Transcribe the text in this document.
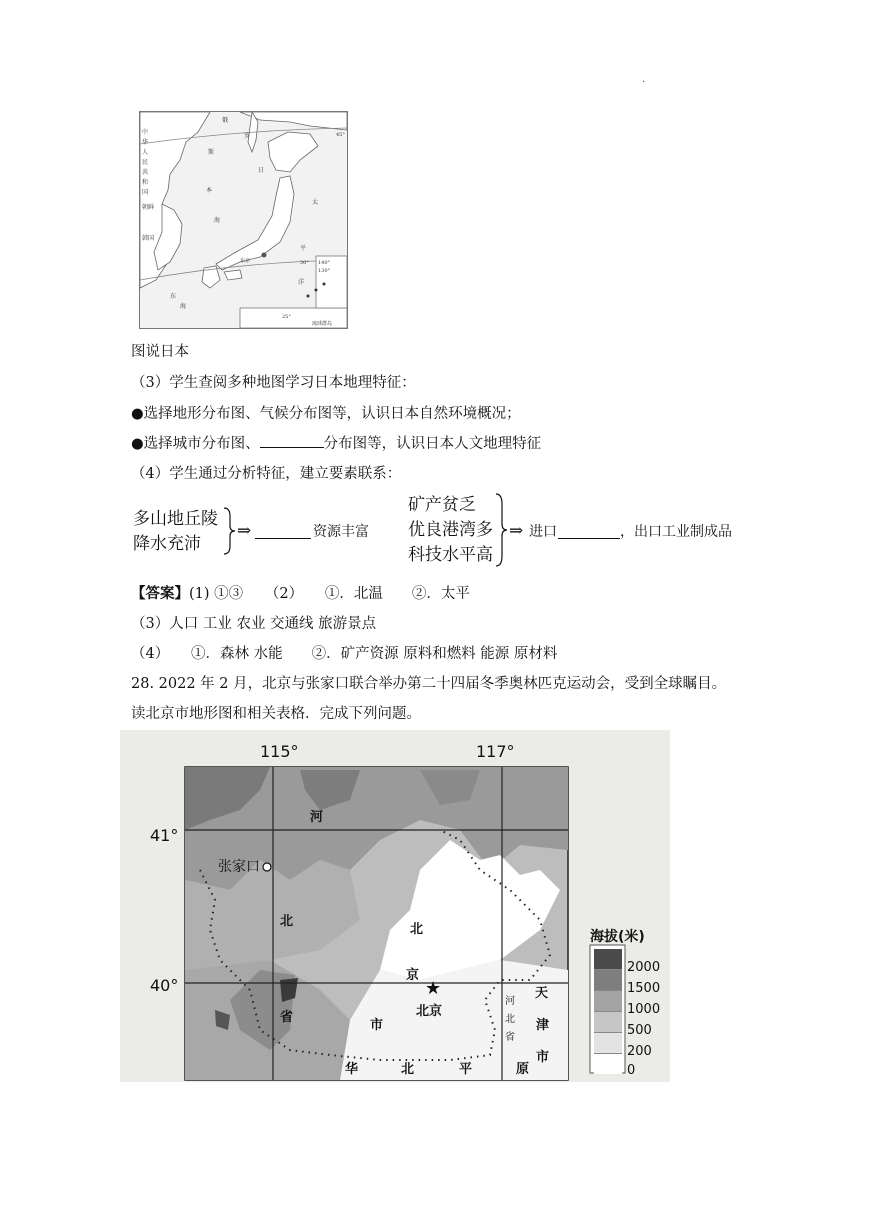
.
中
华
人
民
共
和
国
朝鲜
韩国
俄
罗
斯
日
本
海
太
平
洋
东京
琉球群岛
140°
130°
45°
30°
25°
东
海
图说日本
（3）学生查阅多种地图学习日本地理特征：
●选择地形分布图、气候分布图等，认识日本自然环境概况；
●选择城市分布图、	分布图等，认识日本人文地理特征
（4）学生通过分析特征，建立要素联系：
多山地丘陵
降水充沛
⇒	资源丰富
矿产贫乏
优良港湾多
科技水平高
⇒ 进口	，出口工业制成品
【答案】(1) ①③　　（2）　　①．北温　　②．太平
（3）人口 工业 农业 交通线 旅游景点
（4）　　①．森林 水能　　②．矿产资源 原料和燃料 能源 原材料
28. 2022 年 2 月，北京与张家口联合举办第二十四届冬季奥林匹克运动会，受到全球瞩目。
读北京市地形图和相关表格．完成下列问题。
★
115°	117°
41°
40°
张家口
北京
河
北
省
北
京
市
河
北
省
天
津
市
华	北	平	原
海拔(米)
2000
1500
1000
500
200
0
